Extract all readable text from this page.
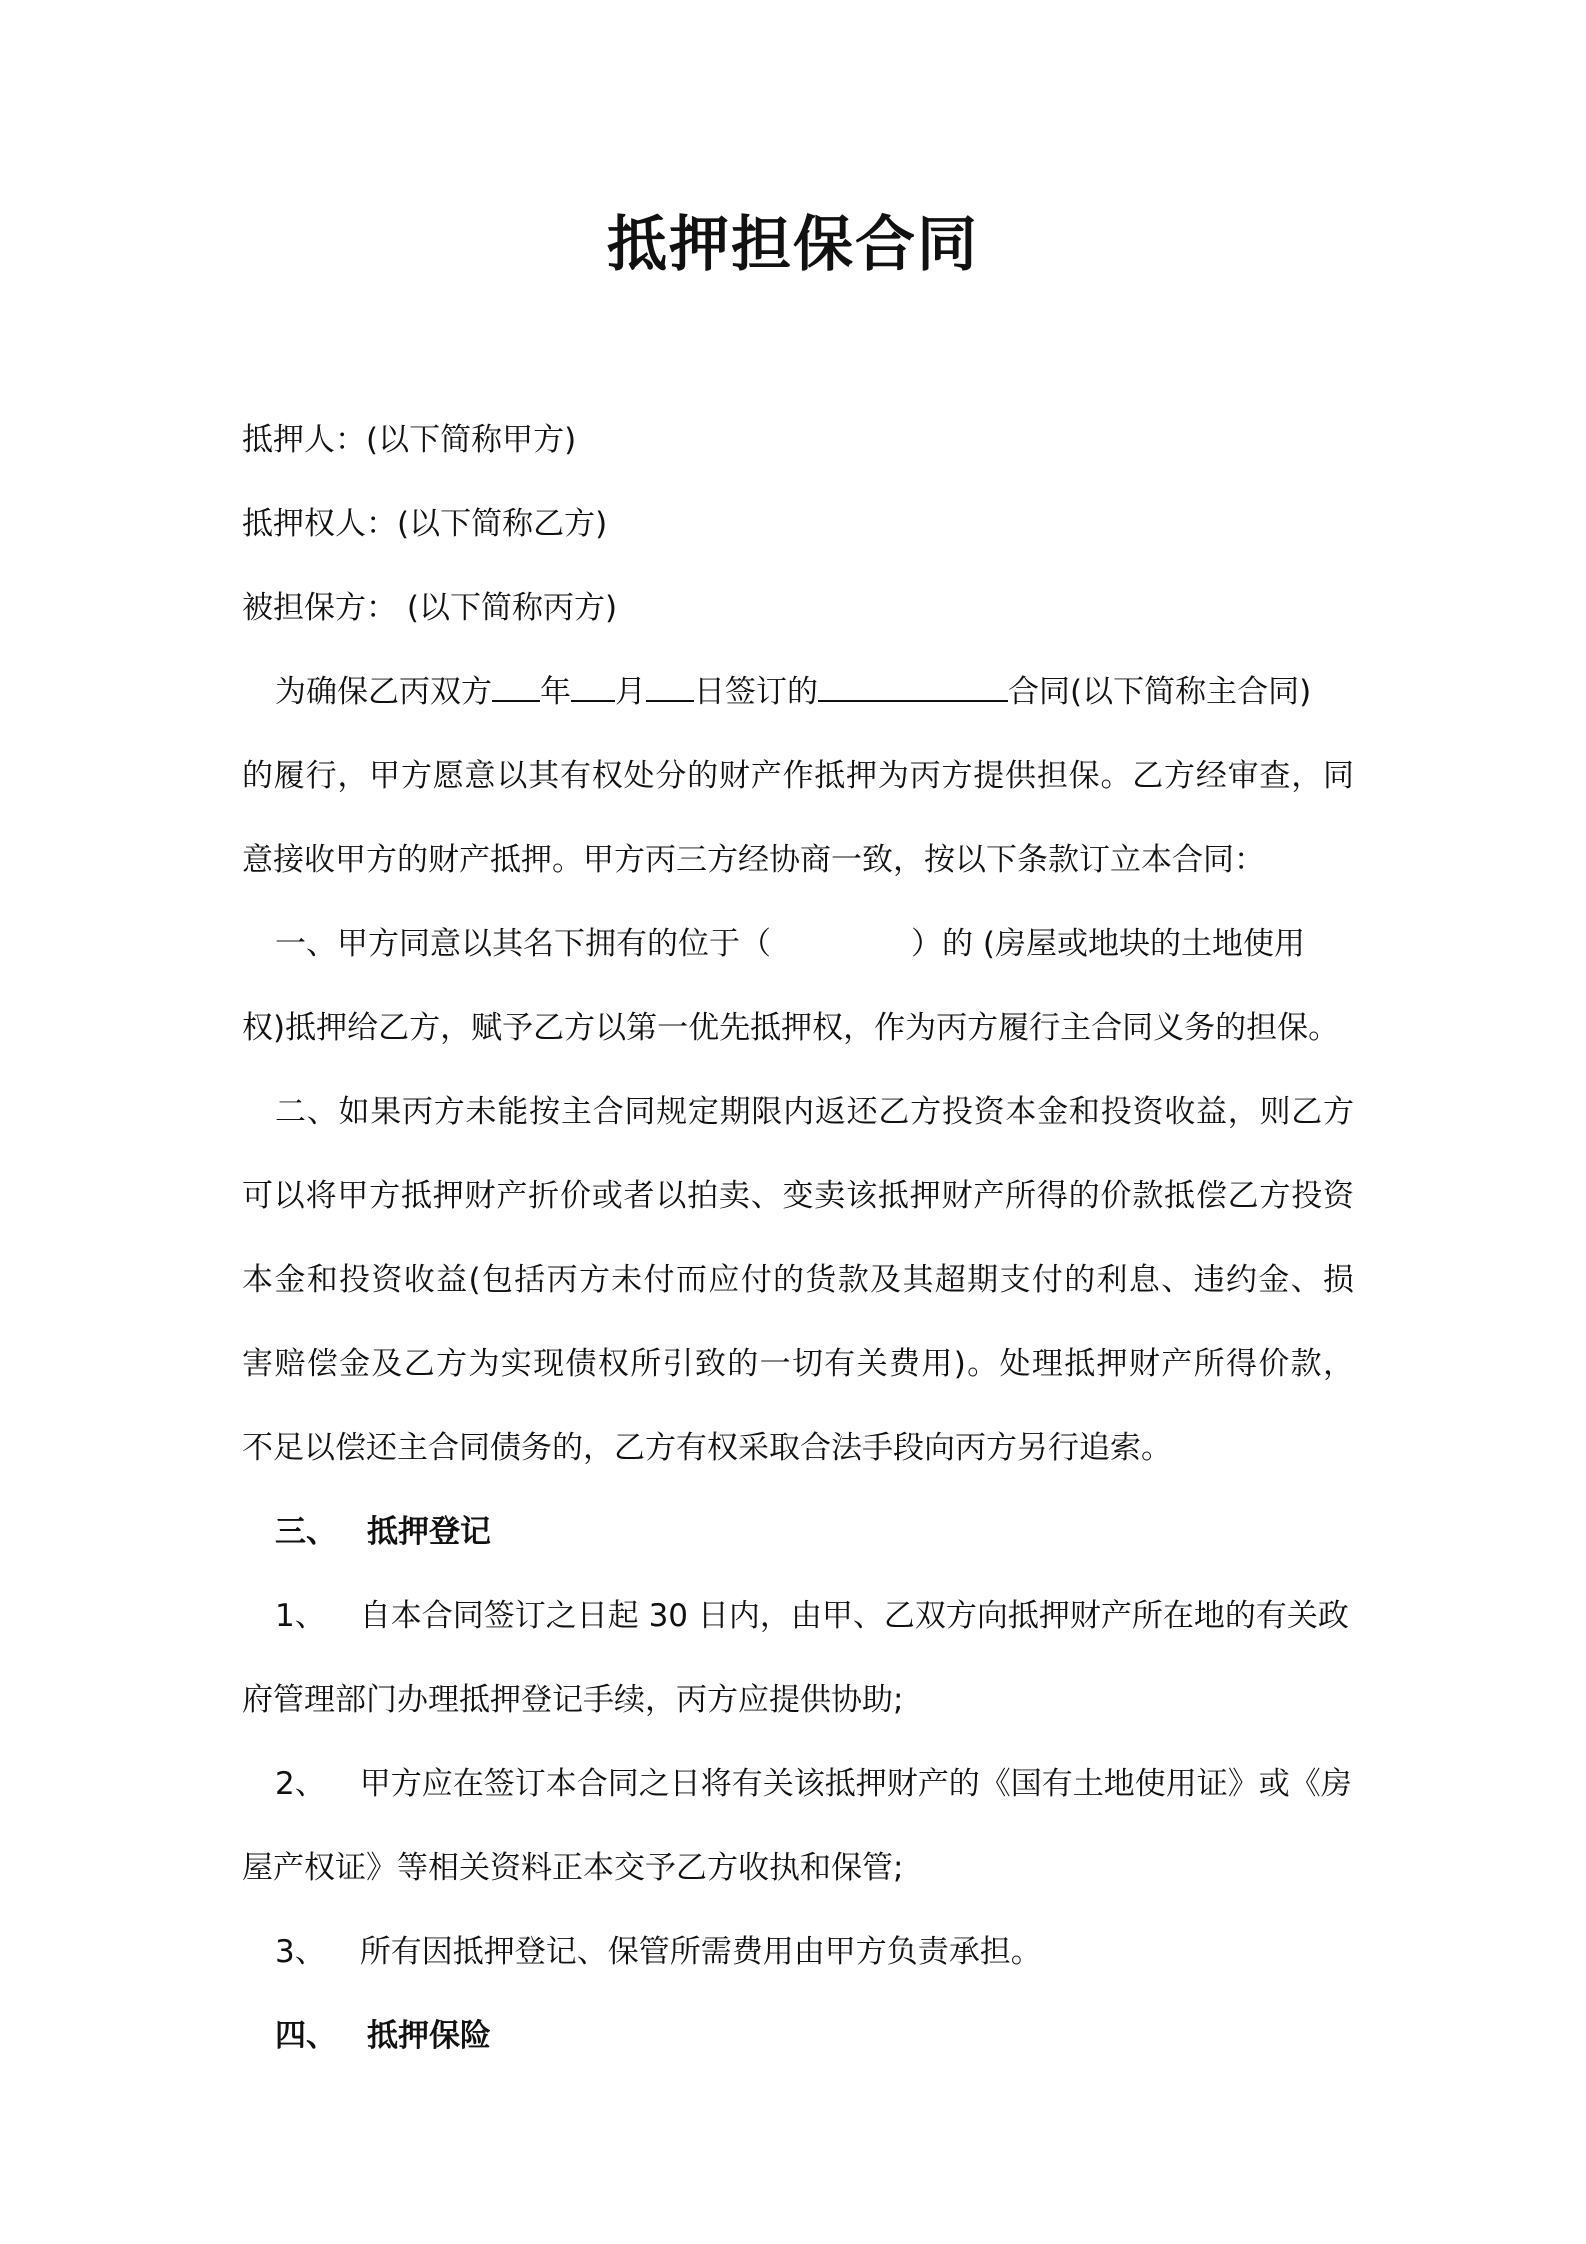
抵押担保合同
抵押人：(以下简称甲方)
抵押权人：(以下简称乙方)
被担保方： (以下简称丙方)
为确保乙丙双方 年 月 日签订的	合同(以下简称主合同)
的履行，甲方愿意以其有权处分的财产作抵押为丙方提供担保。乙方经审查，同
意接收甲方的财产抵押。甲方丙三方经协商一致，按以下条款订立本合同：
一、甲方同意以其名下拥有的位于（	）的 (房屋或地块的土地使用
权)抵押给乙方，赋予乙方以第一优先抵押权，作为丙方履行主合同义务的担保。
二、如果丙方未能按主合同规定期限内返还乙方投资本金和投资收益，则乙方
可以将甲方抵押财产折价或者以拍卖、变卖该抵押财产所得的价款抵偿乙方投资
本金和投资收益(包括丙方未付而应付的货款及其超期支付的利息、违约金、损
害赔偿金及乙方为实现债权所引致的一切有关费用)。处理抵押财产所得价款，
不足以偿还主合同债务的，乙方有权采取合法手段向丙方另行追索。
三、 抵押登记
1、 自本合同签订之日起 30 日内，由甲、乙双方向抵押财产所在地的有关政
府管理部门办理抵押登记手续，丙方应提供协助;
2、 甲方应在签订本合同之日将有关该抵押财产的《国有土地使用证》或《房
屋产权证》等相关资料正本交予乙方收执和保管;
3、 所有因抵押登记、保管所需费用由甲方负责承担。
四、 抵押保险
